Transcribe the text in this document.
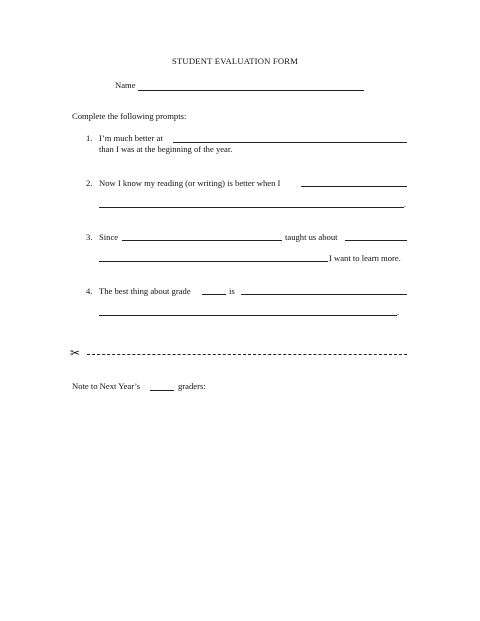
STUDENT EVALUATION FORM
Name
Complete the following prompts:
1. I’m much better at
than I was at the beginning of the year.
2. Now I know my reading (or writing) is better when I
.
3. Since	taught us about
I want to learn more.
4. The best thing about grade	is
.
✂
Note to Next Year’s	graders:
